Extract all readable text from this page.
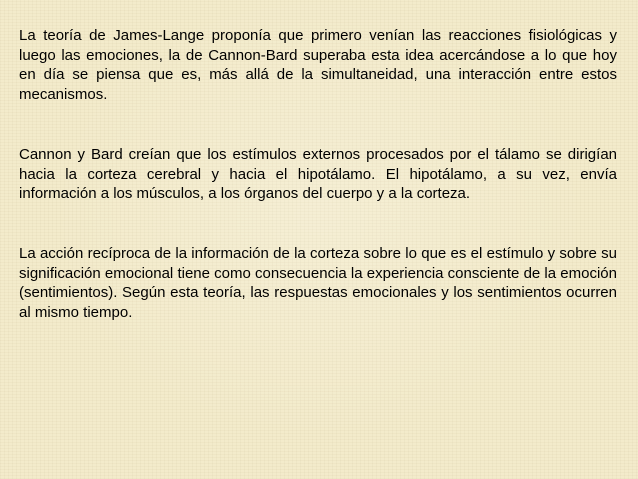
La teoría de James-Lange proponía que primero venían las reacciones fisiológicas y luego las emociones, la de Cannon-Bard superaba esta idea acercándose a lo que hoy en día se piensa que es, más allá de la simultaneidad, una interacción entre estos mecanismos.

Cannon y Bard creían que los estímulos externos procesados por el tálamo se dirigían hacia la corteza cerebral y hacia el hipotálamo. El hipotálamo, a su vez, envía información a los músculos, a los órganos del cuerpo y a la corteza.

La acción recíproca de la información de la corteza sobre lo que es el estímulo y sobre su significación emocional tiene como consecuencia la experiencia consciente de la emoción (sentimientos). Según esta teoría, las respuestas emocionales y los sentimientos ocurren al mismo tiempo.
